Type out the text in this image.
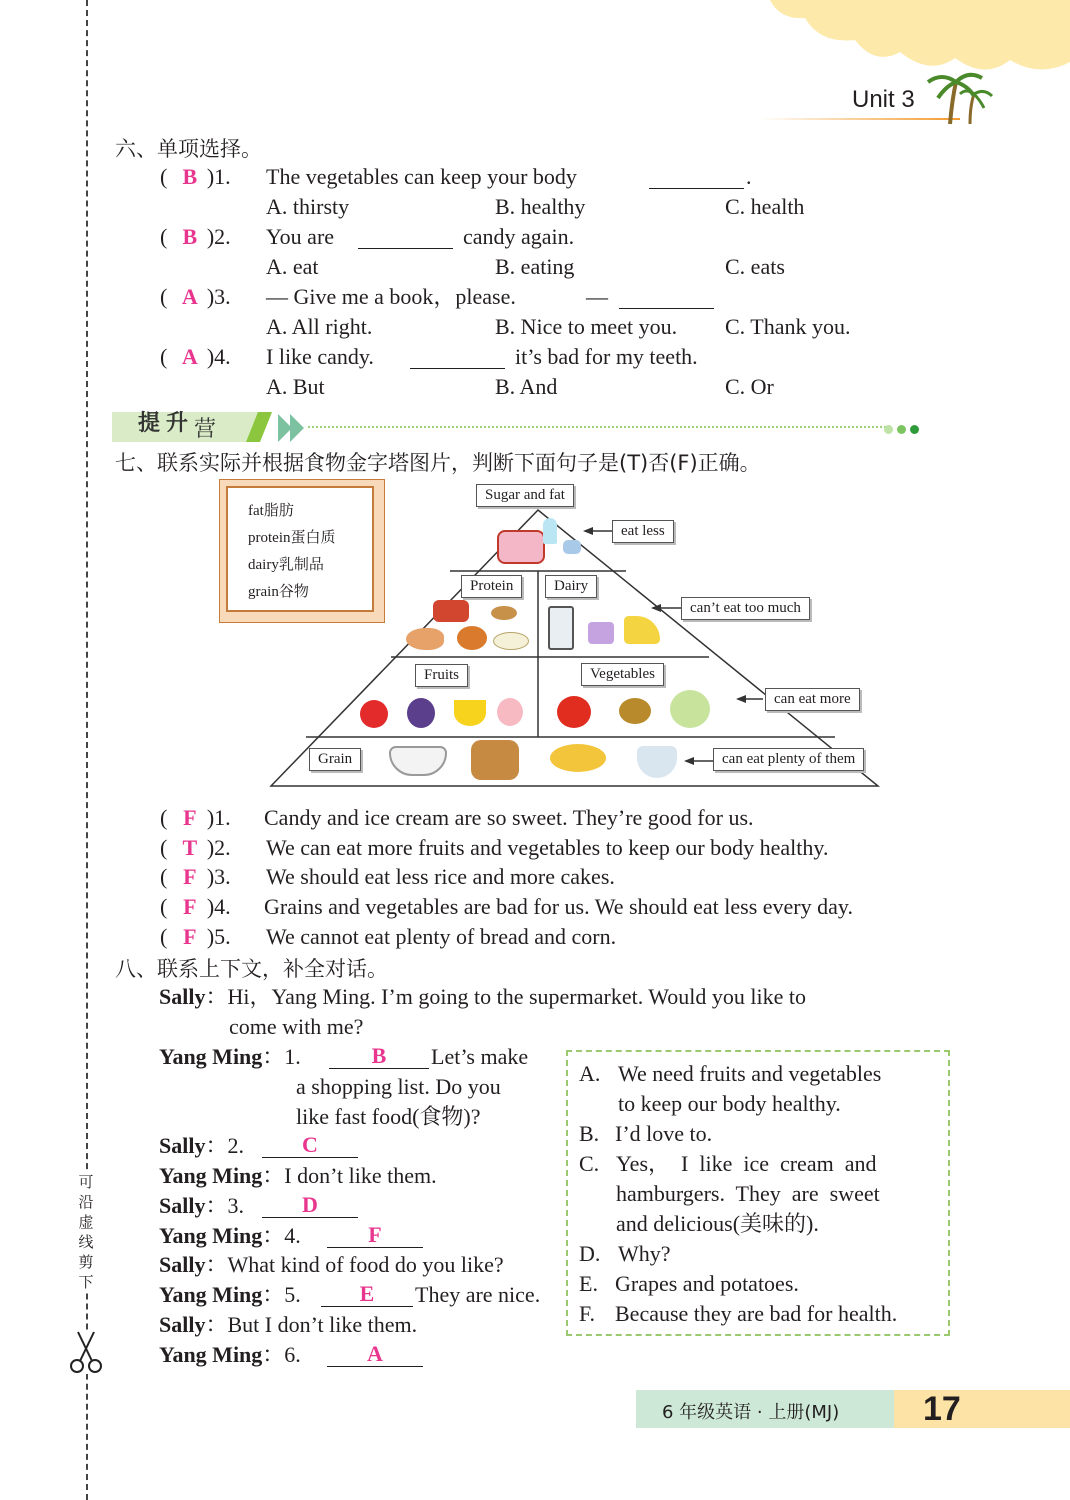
可
沿
虚
线
剪
下
Unit 3
六、单项选择。
( B )1. The vegetables can keep your body	.
A. thirsty	B. healthy	C. health
( B )2. You are	candy again.
A. eat	B. eating	C. eats
( A )3. — Give me a book，please.	—
A. All right.	B. Nice to meet you. C. Thank you.
( A )4. I like candy.	it’s bad for my teeth.
A. But	B. And	C. Or
提升营

七、联系实际并根据食物金字塔图片，判断下面句子是(T)否(F)正确。
fat脂肪
protein蛋白质
dairy乳制品
grain谷物
Sugar and fat
Protein	Dairy
Fruits	Vegetables
Grain
eat less
can’t eat too much
can eat more
can eat plenty of them
( F )1. Candy and ice cream are so sweet. They’re good for us.
( T )2. We can eat more fruits and vegetables to keep our body healthy.
( F )3. We should eat less rice and more cakes.
( F )4. Grains and vegetables are bad for us. We should eat less every day.
( F )5. We cannot eat plenty of bread and corn.
八、联系上下文，补全对话。
Sally：Hi，Yang Ming. I’m going to the supermarket. Would you like to
come with me?
Yang Ming：1.	B	Let’s make
a shopping list. Do you
like fast food(食物)?
Sally：2.	C
Yang Ming：I don’t like them.
Sally：3.	D
Yang Ming：4.	F
Sally：What kind of food do you like?
Yang Ming：5.	E	They are nice.
Sally：But I don’t like them.
Yang Ming：6.	A
A. We need fruits and vegetables
to keep our body healthy.
B. I’d love to.
C. Yes，  I  like  ice  cream  and
hamburgers.  They  are  sweet
and delicious(美味的).
D. Why?
E. Grapes and potatoes.
F. Because they are bad for health.
6 年级英语 · 上册(MJ) 17
